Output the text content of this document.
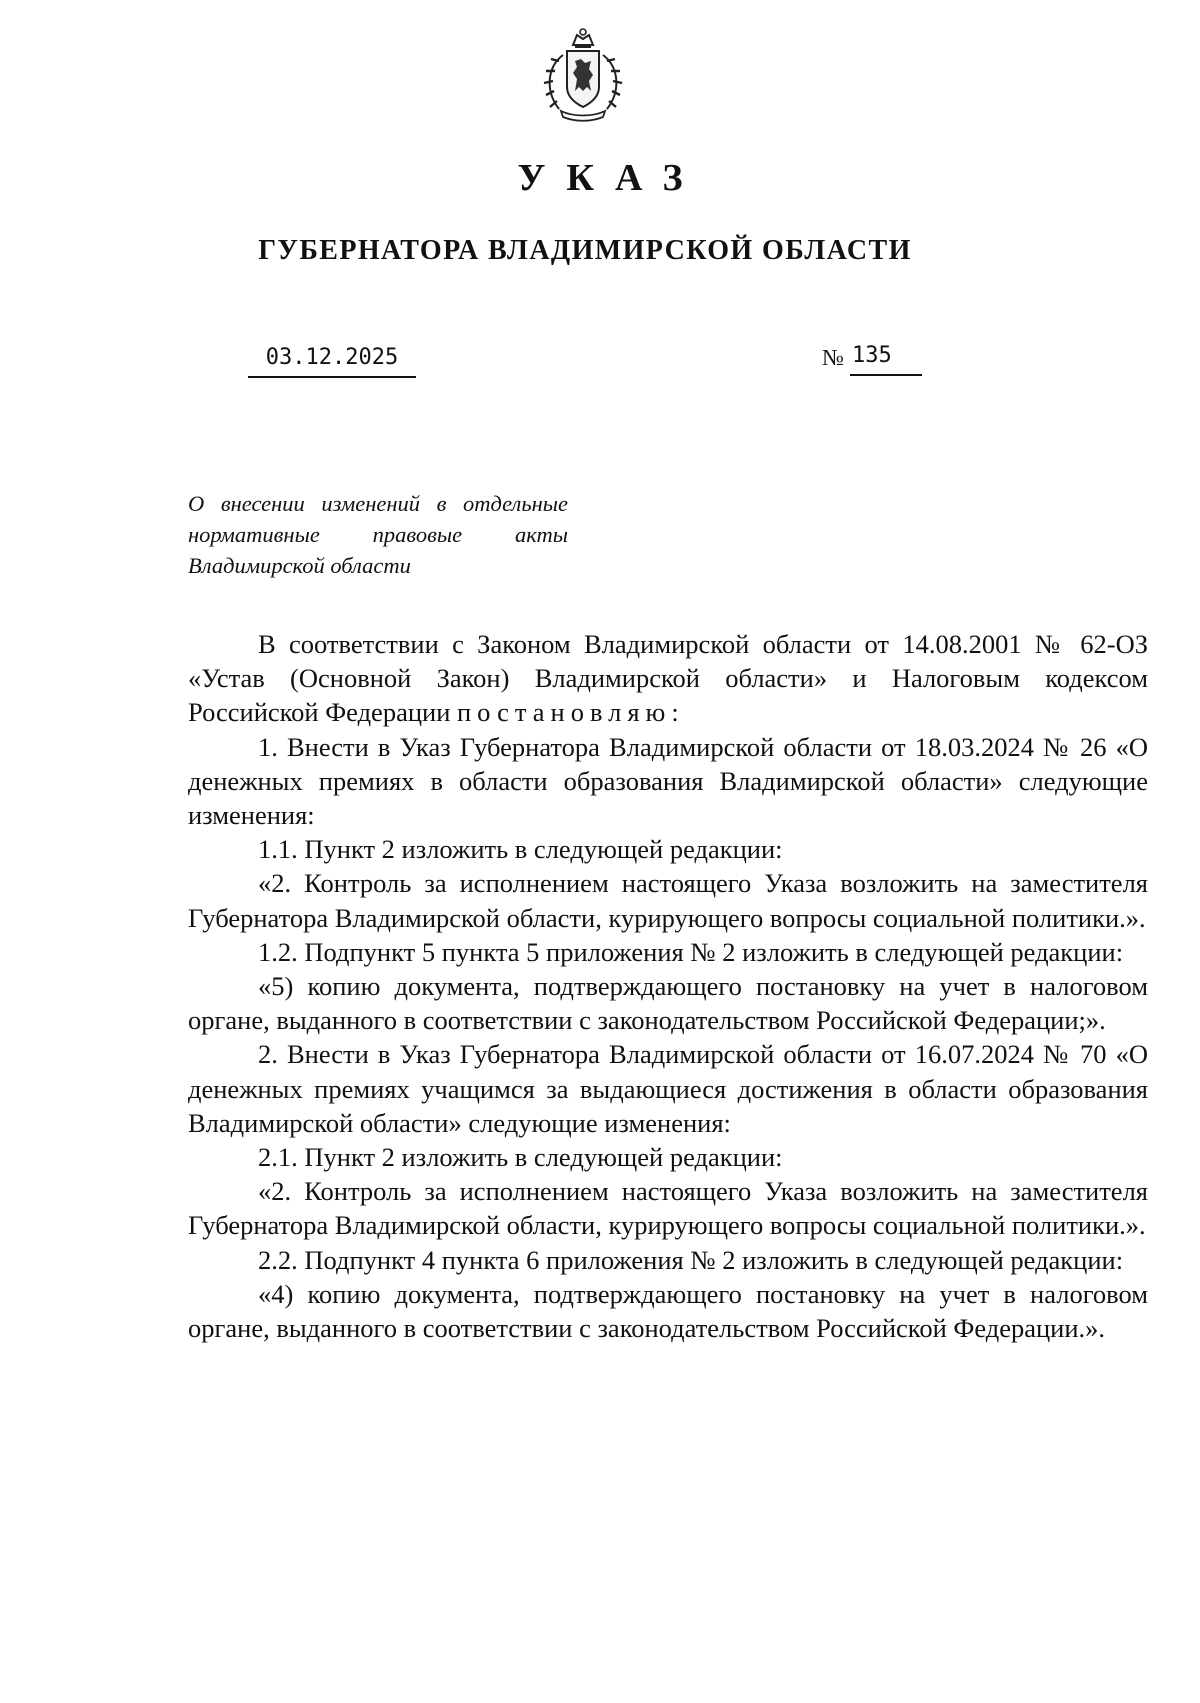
УКАЗ
ГУБЕРНАТОРА ВЛАДИМИРСКОЙ ОБЛАСТИ
03.12.2025	№ 135
О внесении изменений в отдельные
нормативные правовые акты
Владимирской области

В соответствии с Законом Владимирской области от 14.08.2001 № 62-ОЗ «Устав (Основной Закон) Владимирской области» и Налоговым кодексом Российской Федерации постановляю:

1. Внести в Указ Губернатора Владимирской области от 18.03.2024 № 26 «О денежных премиях в области образования Владимирской области» следующие изменения:

1.1. Пункт 2 изложить в следующей редакции:

«2. Контроль за исполнением настоящего Указа возложить на заместителя Губернатора Владимирской области, курирующего вопросы социальной политики.».

1.2. Подпункт 5 пункта 5 приложения № 2 изложить в следующей редакции:

«5) копию документа, подтверждающего постановку на учет в налоговом органе, выданного в соответствии с законодательством Российской Федерации;».

2. Внести в Указ Губернатора Владимирской области от 16.07.2024 № 70 «О денежных премиях учащимся за выдающиеся достижения в области образования Владимирской области» следующие изменения:

2.1. Пункт 2 изложить в следующей редакции:

«2. Контроль за исполнением настоящего Указа возложить на заместителя Губернатора Владимирской области, курирующего вопросы социальной политики.».

2.2. Подпункт 4 пункта 6 приложения № 2 изложить в следующей редакции:

«4) копию документа, подтверждающего постановку на учет в налоговом органе, выданного в соответствии с законодательством Российской Федерации.».
